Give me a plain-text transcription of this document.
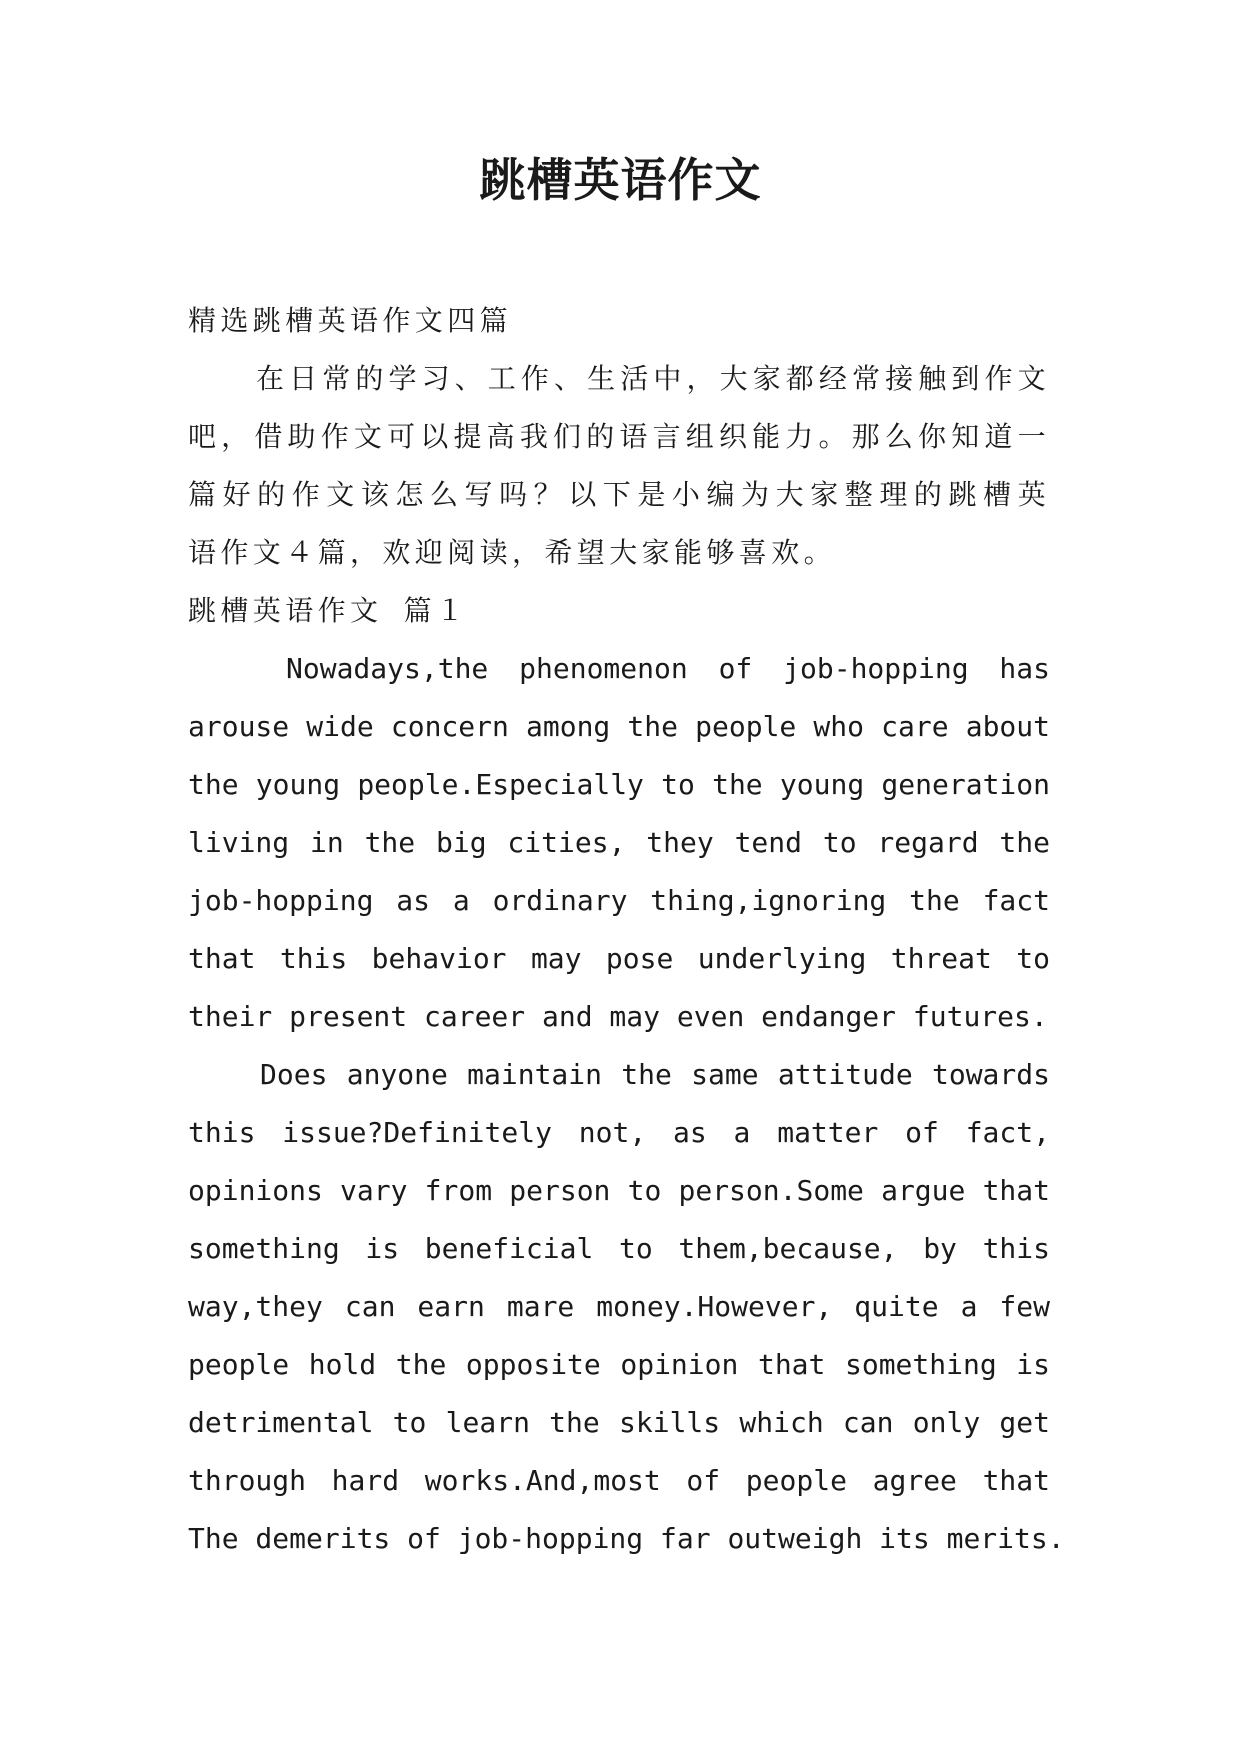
跳槽英语作文

精选跳槽英语作文四篇

在日常的学习、工作、生活中，大家都经常接触到作文

吧，借助作文可以提高我们的语言组织能力。那么你知道一

篇好的作文该怎么写吗？以下是小编为大家整理的跳槽英

语作文４篇，欢迎阅读，希望大家能够喜欢。

跳槽英语作文 篇１

Nowadays,the phenomenon of job-hopping has

arouse wide concern among the people who care about

the young people.Especially to the young generation

living in the big cities, they tend to regard the

job-hopping as a ordinary thing,ignoring the fact

that this behavior may pose underlying threat to

their present career and may even endanger futures.

Does anyone maintain the same attitude towards

this issue?Definitely not, as a matter of fact,

opinions vary from person to person.Some argue that

something is beneficial to them,because, by this

way,they can earn mare money.However, quite a few

people hold the opposite opinion that something is

detrimental to learn the skills which can only get

through hard works.And,most of people agree that

The demerits of job-hopping far outweigh its merits.
